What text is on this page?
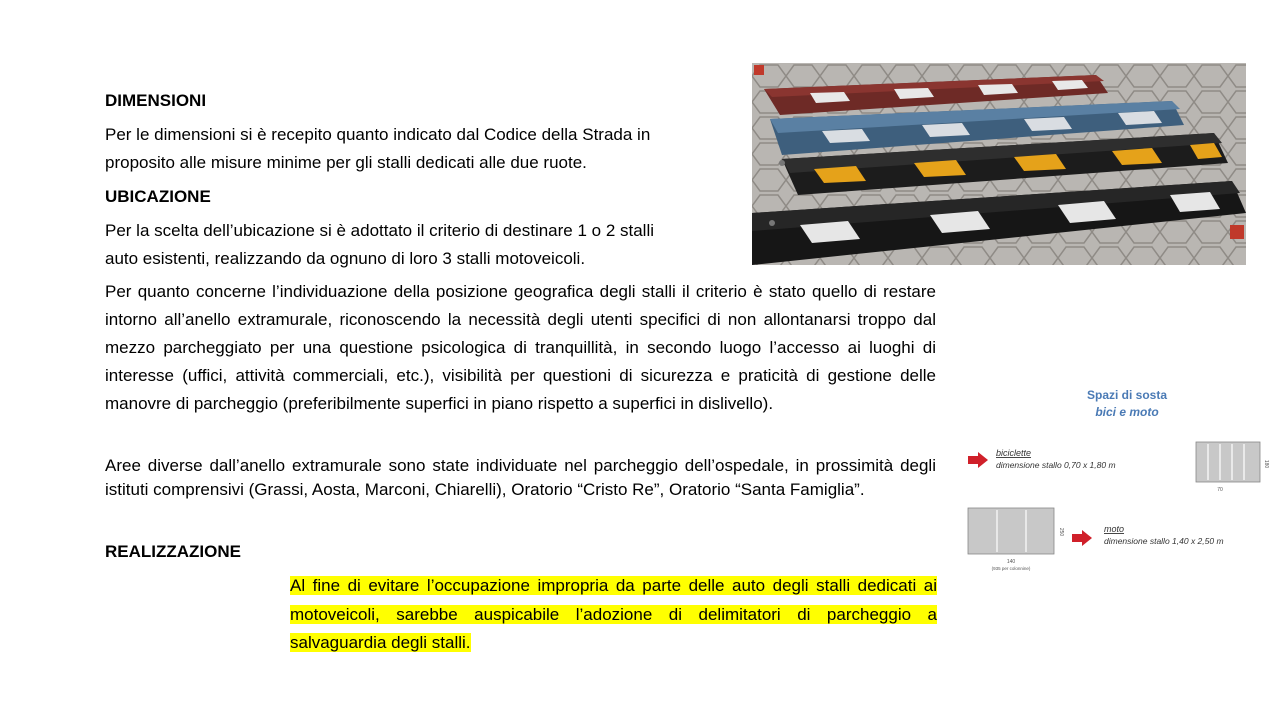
DIMENSIONI

Per le dimensioni si è recepito quanto indicato dal Codice della Strada in

proposito alle misure minime per gli stalli dedicati alle due ruote.

UBICAZIONE

Per la scelta dell’ubicazione si è adottato il criterio di destinare 1 o 2 stalli

auto esistenti, realizzando da ognuno di loro 3 stalli motoveicoli.

Per quanto concerne l’individuazione della posizione geografica degli stalli il criterio è stato quello di restare intorno all’anello extramurale, riconoscendo la necessità degli utenti specifici di non allontanarsi troppo dal mezzo parcheggiato per una questione psicologica di tranquillità, in secondo luogo l’accesso ai luoghi di interesse (uffici, attività commerciali, etc.), visibilità per questioni di sicurezza e praticità di gestione delle manovre di parcheggio (preferibilmente superfici in piano rispetto a superfici in dislivello).

Aree diverse dall’anello extramurale sono state individuate nel parcheggio dell’ospedale, in prossimità degli istituti comprensivi (Grassi, Aosta, Marconi, Chiarelli), Oratorio “Cristo Re”, Oratorio “Santa Famiglia”.

REALIZZAZIONE

Al fine di evitare l’occupazione impropria da parte delle auto degli stalli dedicati ai motoveicoli, sarebbe auspicabile l’adozione di delimitatori di parcheggio a salvaguardia degli stalli.

Spazi di sosta
bici e moto
biciclette
dimensione stallo 0,70 x 1,80 m
70
180
140
(935 per colonnine)
250	moto
dimensione stallo 1,40 x 2,50 m
